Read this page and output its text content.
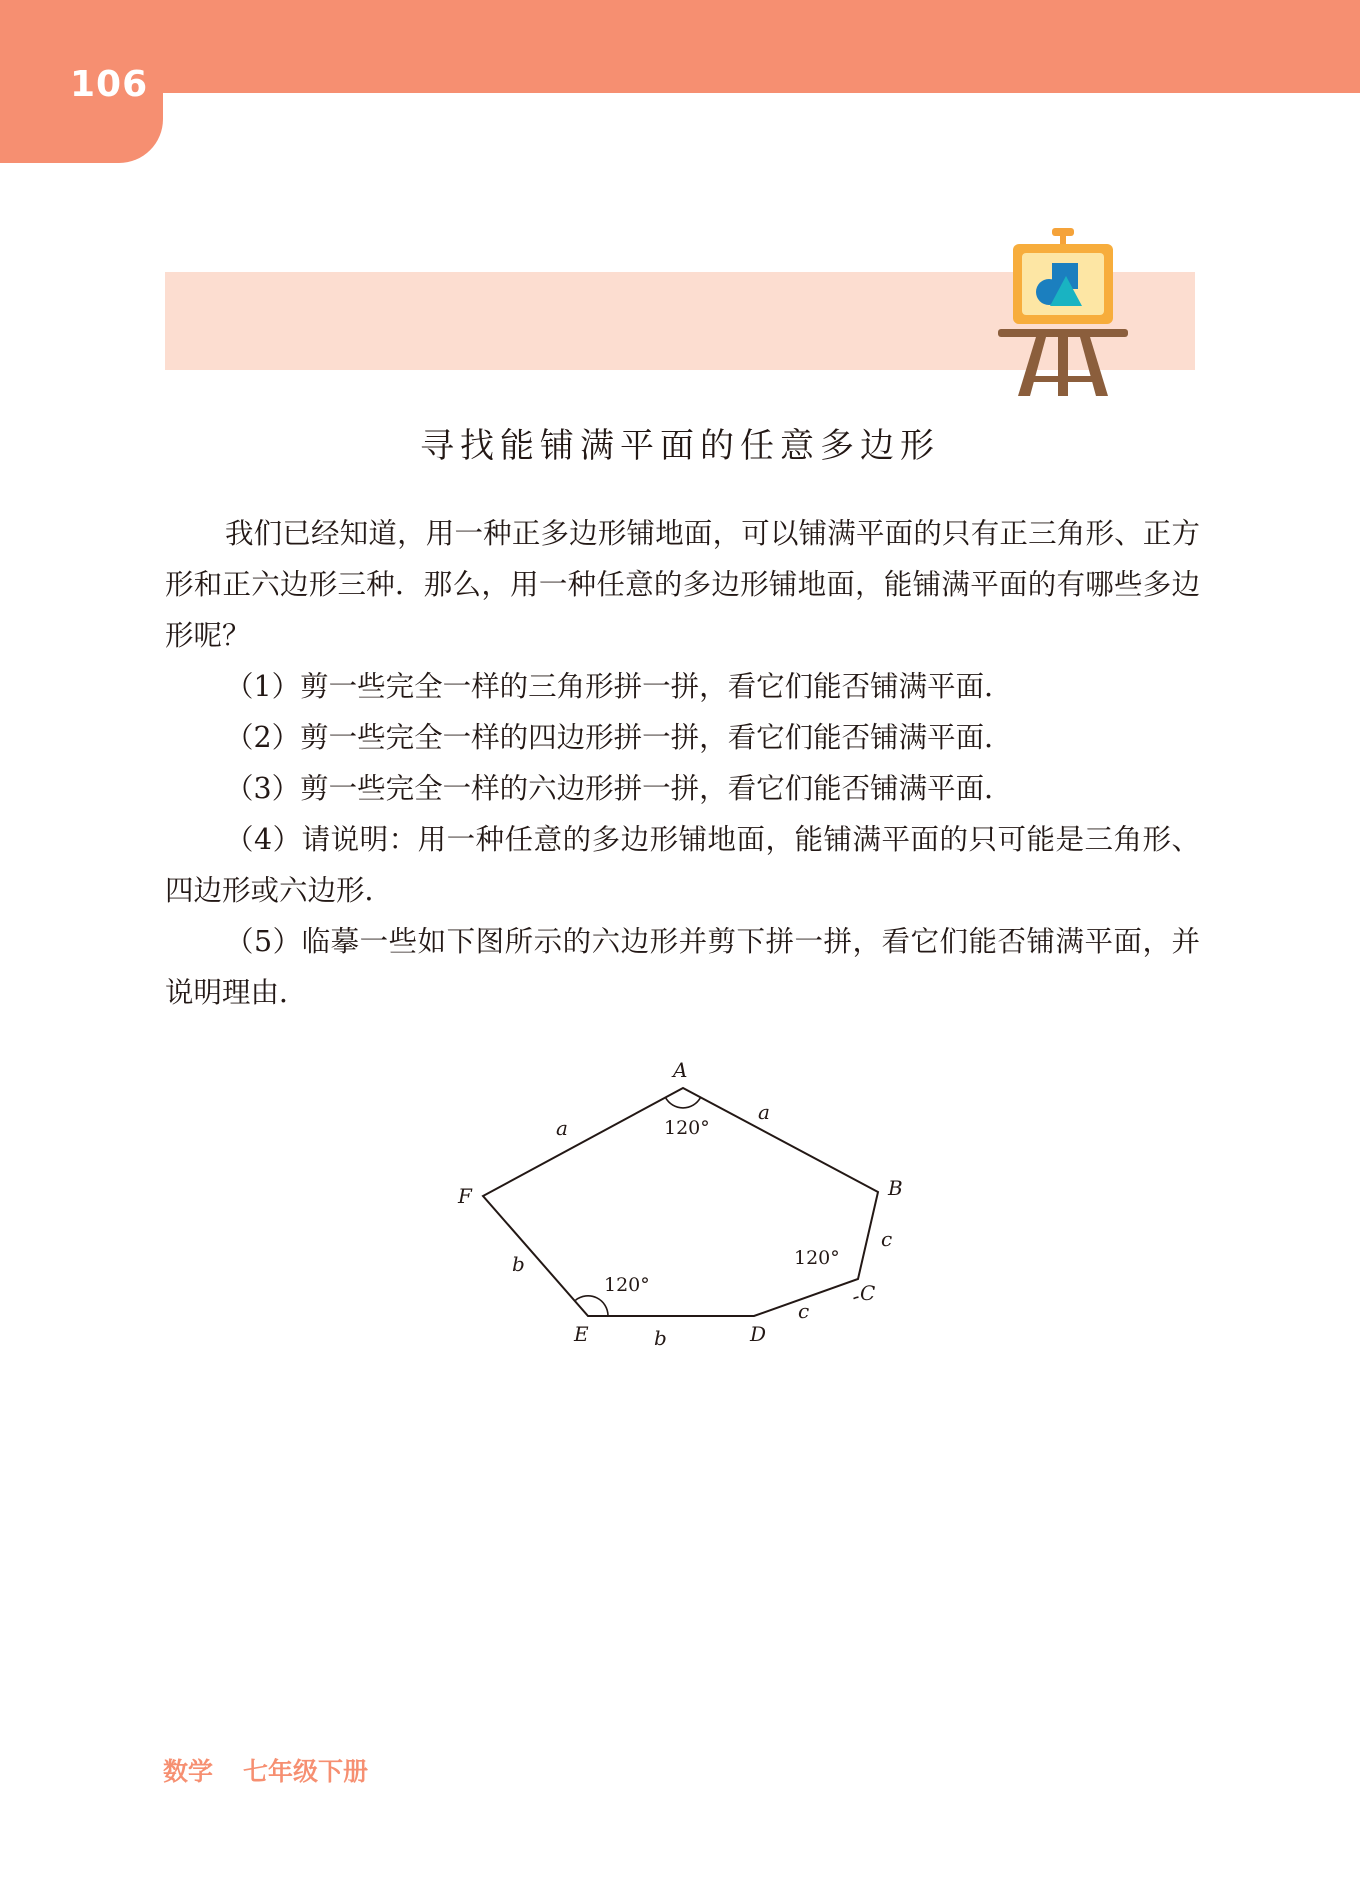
106
寻找能铺满平面的任意多边形

我们已经知道，用一种正多边形铺地面，可以铺满平面的只有正三角形、正方形和正六边形三种．那么，用一种任意的多边形铺地面，能铺满平面的有哪些多边形呢？

（1）剪一些完全一样的三角形拼一拼，看它们能否铺满平面．

（2）剪一些完全一样的四边形拼一拼，看它们能否铺满平面．

（3）剪一些完全一样的六边形拼一拼，看它们能否铺满平面．

（4）请说明：用一种任意的多边形铺地面，能铺满平面的只可能是三角形、四边形或六边形．

（5）临摹一些如下图所示的六边形并剪下拼一拼，看它们能否铺满平面，并说明理由．

A
B
C
D
E
F
a
a
c
c
b
b
120°
120°
120°
数学 七年级下册
